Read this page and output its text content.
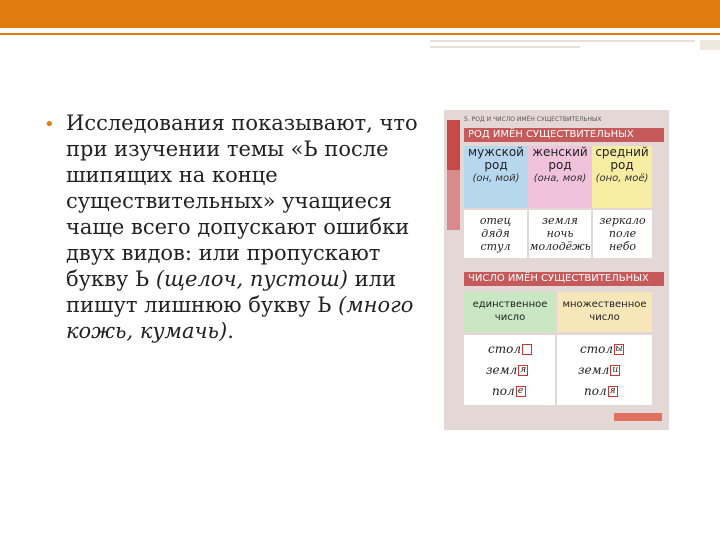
• Исследования показывают, что при изучении темы «Ь после шипящих на конце существительных» учащиеся чаще всего допускают ошибки двух видов: или пропускают букву Ь (щелоч, пустош) или пишут лишнюю букву Ь (много кожь, кумачь).
5. РОД И ЧИСЛО ИМЁН СУЩЕСТВИТЕЛЬНЫХ
РОД ИМЁН СУЩЕСТВИТЕЛЬНЫХ
мужской
род
(он, мой)
женский
род
(она, моя)
средний
род
(оно, моё)
отец
дядя
стул
земля
ночь
молодёжь
зеркало
поле
небо
ЧИСЛО ИМЁН СУЩЕСТВИТЕЛЬНЫХ
единственное
число
множественное
число
стол
земл я
пол е
стол ы
земл и
пол я
